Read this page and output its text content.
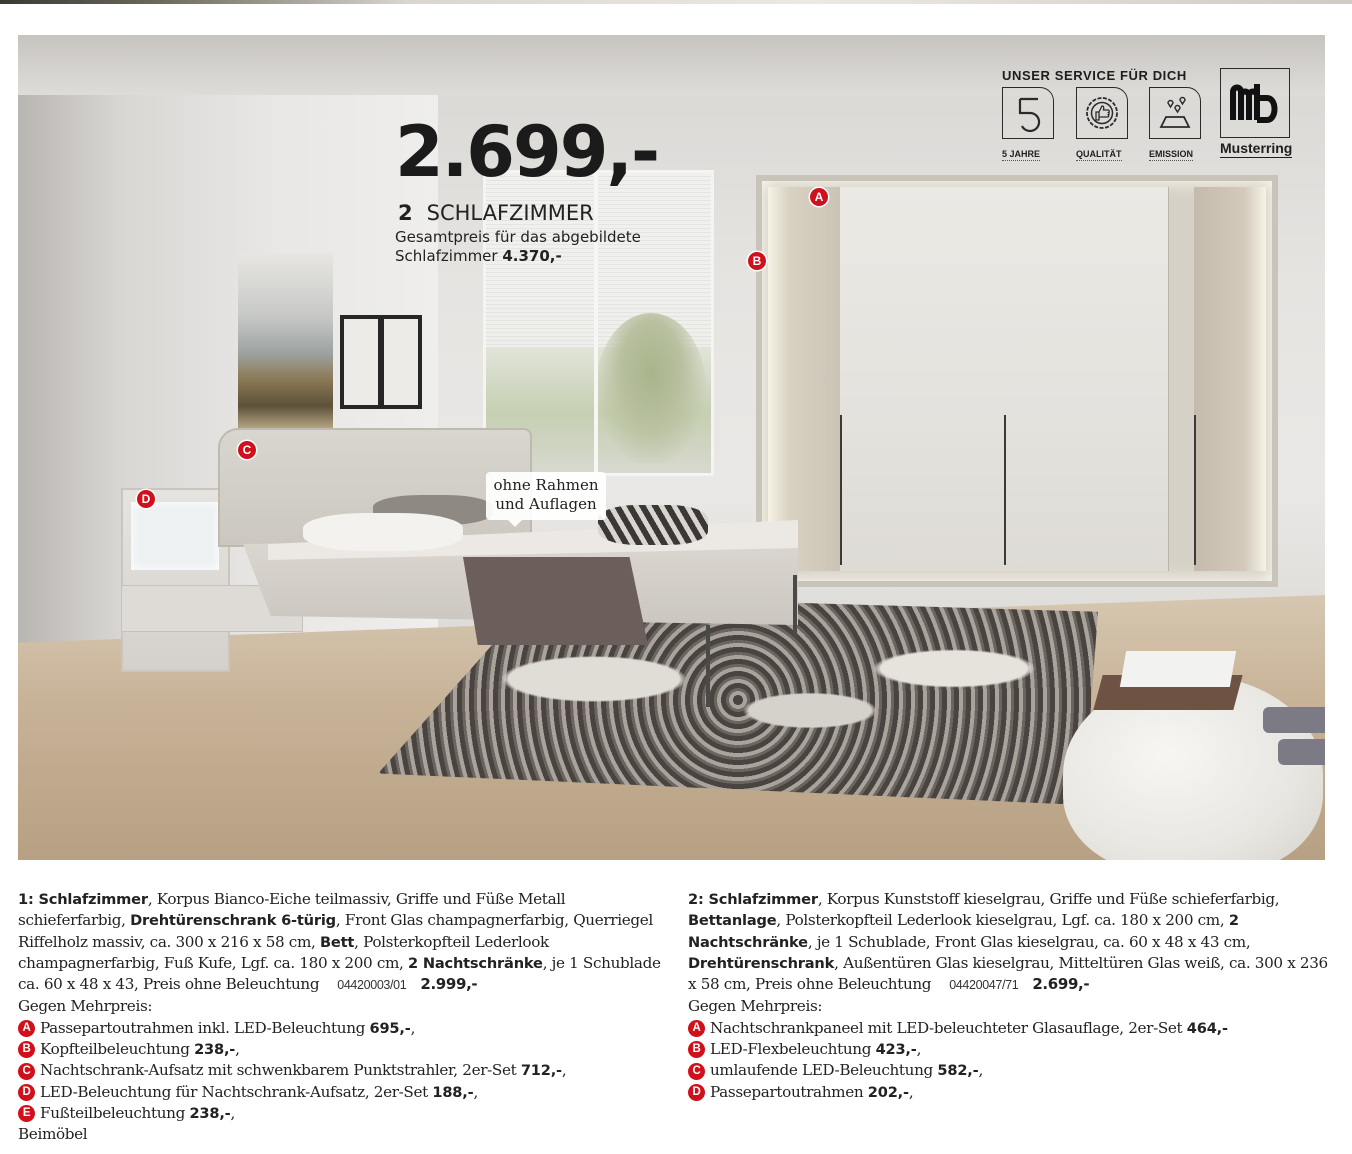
A
B
C
D
ohne Rahmen
und Auflagen
2.699,-
2 SCHLAFZIMMER
Gesamtpreis für das abgebildete
Schlafzimmer 4.370,-
UNSER SERVICE FÜR DICH
5 JAHRE	QUALITÄT	EMISSION Musterring

1: Schlafzimmer, Korpus Bianco-Eiche teilmassiv, Griffe und Füße Metall schieferfarbig, Drehtürenschrank 6-türig, Front Glas champagnerfarbig, Querriegel Riffelholz massiv, ca. 300 x 216 x 58 cm, Bett, Polsterkopfteil Lederlook champagnerfarbig, Fuß Kufe, Lgf. ca. 180 x 200 cm, 2 Nachtschränke, je 1 Schublade ca. 60 x 48 x 43, Preis ohne Beleuchtung 04420003/01 2.999,-

Gegen Mehrpreis:

A Passepartoutrahmen inkl. LED-Beleuchtung
695,- ,
B Kopfteilbeleuchtung
238,- ,
C Nachtschrank-Aufsatz mit schwenkbarem Punktstrahler, 2er-Set
712,- ,
D LED-Beleuchtung für Nachtschrank-Aufsatz, 2er-Set
188,- ,
E Fußteilbeleuchtung
238,- ,

Beimöbel

2: Schlafzimmer, Korpus Kunststoff kieselgrau, Griffe und Füße schieferfarbig, Bettanlage, Polsterkopfteil Lederlook kieselgrau, Lgf. ca. 180 x 200 cm, 2 Nachtschränke, je 1 Schublade, Front Glas kieselgrau, ca. 60 x 48 x 43 cm, Drehtürenschrank, Außentüren Glas kieselgrau, Mitteltüren Glas weiß, ca. 300 x 236 x 58 cm, Preis ohne Beleuchtung 04420047/71 2.699,-

Gegen Mehrpreis:

A Nachtschrankpaneel mit LED-beleuchteter Glasauflage, 2er-Set
464,-
B LED-Flexbeleuchtung
423,- ,
C umlaufende LED-Beleuchtung
582,- ,
D Passepartoutrahmen
202,- ,
